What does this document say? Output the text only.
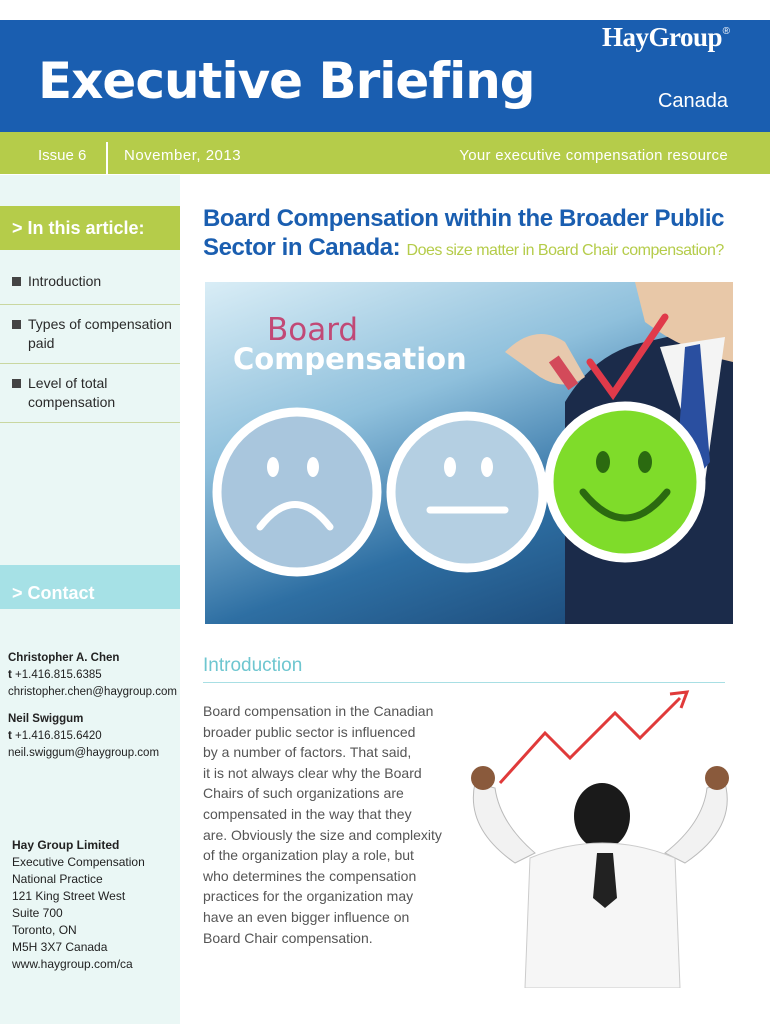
Executive Briefing
HayGroup ®
Canada
Issue 6	November, 2013	Your executive compensation resource
> In this article:
Introduction
Types of compensation paid
Level of total compensation
> Contact
Christopher A. Chen
t +1.416.815.6385
christopher.chen@haygroup.com
Neil Swiggum
t +1.416.815.6420
neil.swiggum@haygroup.com
Hay Group Limited
Executive Compensation
National Practice
121 King Street West
Suite 700
Toronto, ON
M5H 3X7 Canada
www.haygroup.com/ca
Board Compensation within the Broader Public Sector in Canada: Does size matter in Board Chair compensation?
Board
Compensation
Introduction
Board compensation in the Canadian
broader public sector is influenced
by a number of factors. That said,
it is not always clear why the Board
Chairs of such organizations are
compensated in the way that they
are. Obviously the size and complexity
of the organization play a role, but
who determines the compensation
practices for the organization may
have an even bigger influence on
Board Chair compensation.
